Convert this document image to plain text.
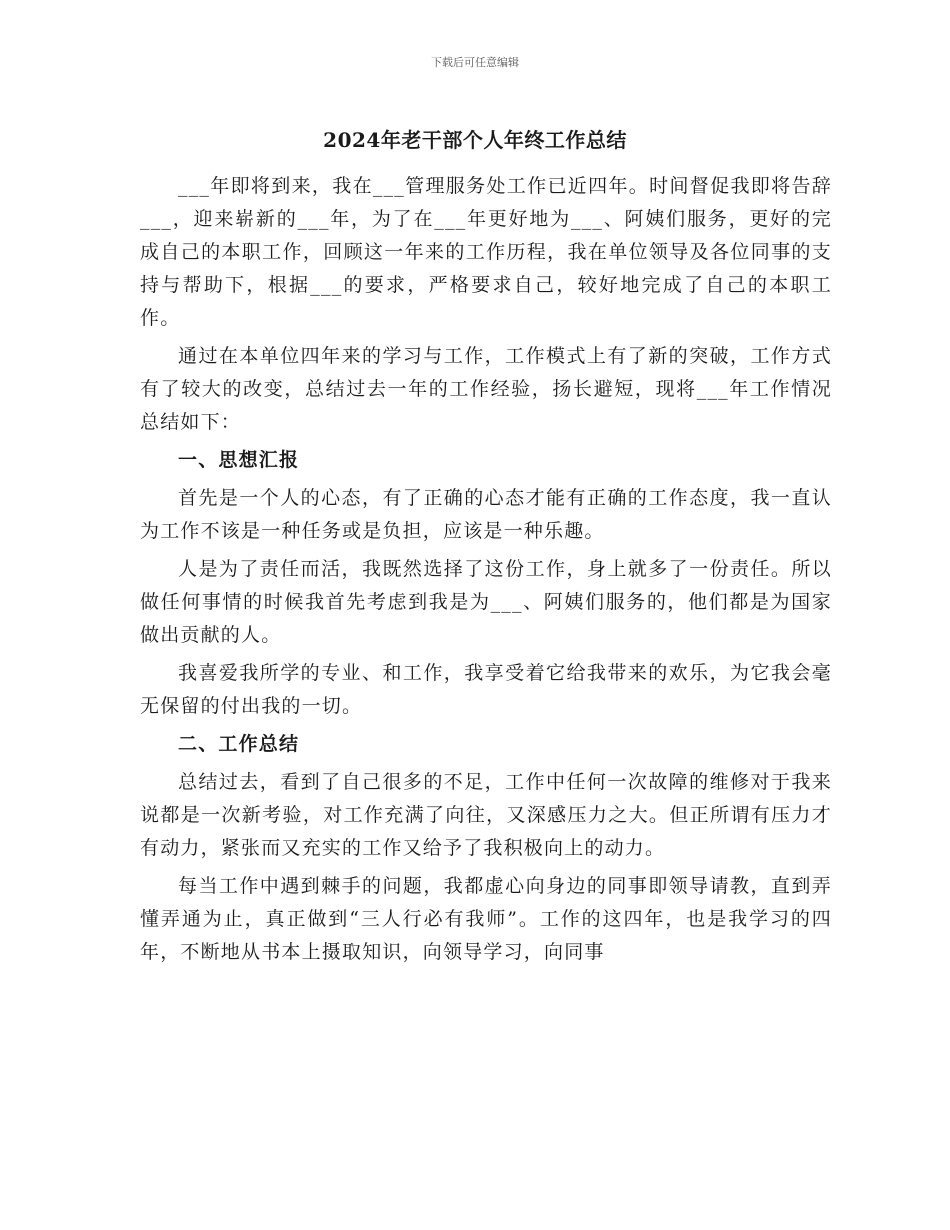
下载后可任意编辑
2024年老干部个人年终工作总结

___年即将到来，我在___管理服务处工作已近四年。时间督促我即将告辞___，迎来崭新的___年，为了在___年更好地为___、阿姨们服务，更好的完成自己的本职工作，回顾这一年来的工作历程，我在单位领导及各位同事的支持与帮助下，根据___的要求，严格要求自己，较好地完成了自己的本职工作。

通过在本单位四年来的学习与工作，工作模式上有了新的突破，工作方式有了较大的改变，总结过去一年的工作经验，扬长避短，现将___年工作情况总结如下：

一、思想汇报

首先是一个人的心态，有了正确的心态才能有正确的工作态度，我一直认为工作不该是一种任务或是负担，应该是一种乐趣。

人是为了责任而活，我既然选择了这份工作，身上就多了一份责任。所以做任何事情的时候我首先考虑到我是为___、阿姨们服务的，他们都是为国家做出贡献的人。

我喜爱我所学的专业、和工作，我享受着它给我带来的欢乐，为它我会毫无保留的付出我的一切。

二、工作总结

总结过去，看到了自己很多的不足，工作中任何一次故障的维修对于我来说都是一次新考验，对工作充满了向往，又深感压力之大。但正所谓有压力才有动力，紧张而又充实的工作又给予了我积极向上的动力。

每当工作中遇到棘手的问题，我都虚心向身边的同事即领导请教，直到弄懂弄通为止，真正做到“三人行必有我师”。工作的这四年，也是我学习的四年，不断地从书本上摄取知识，向领导学习，向同事
